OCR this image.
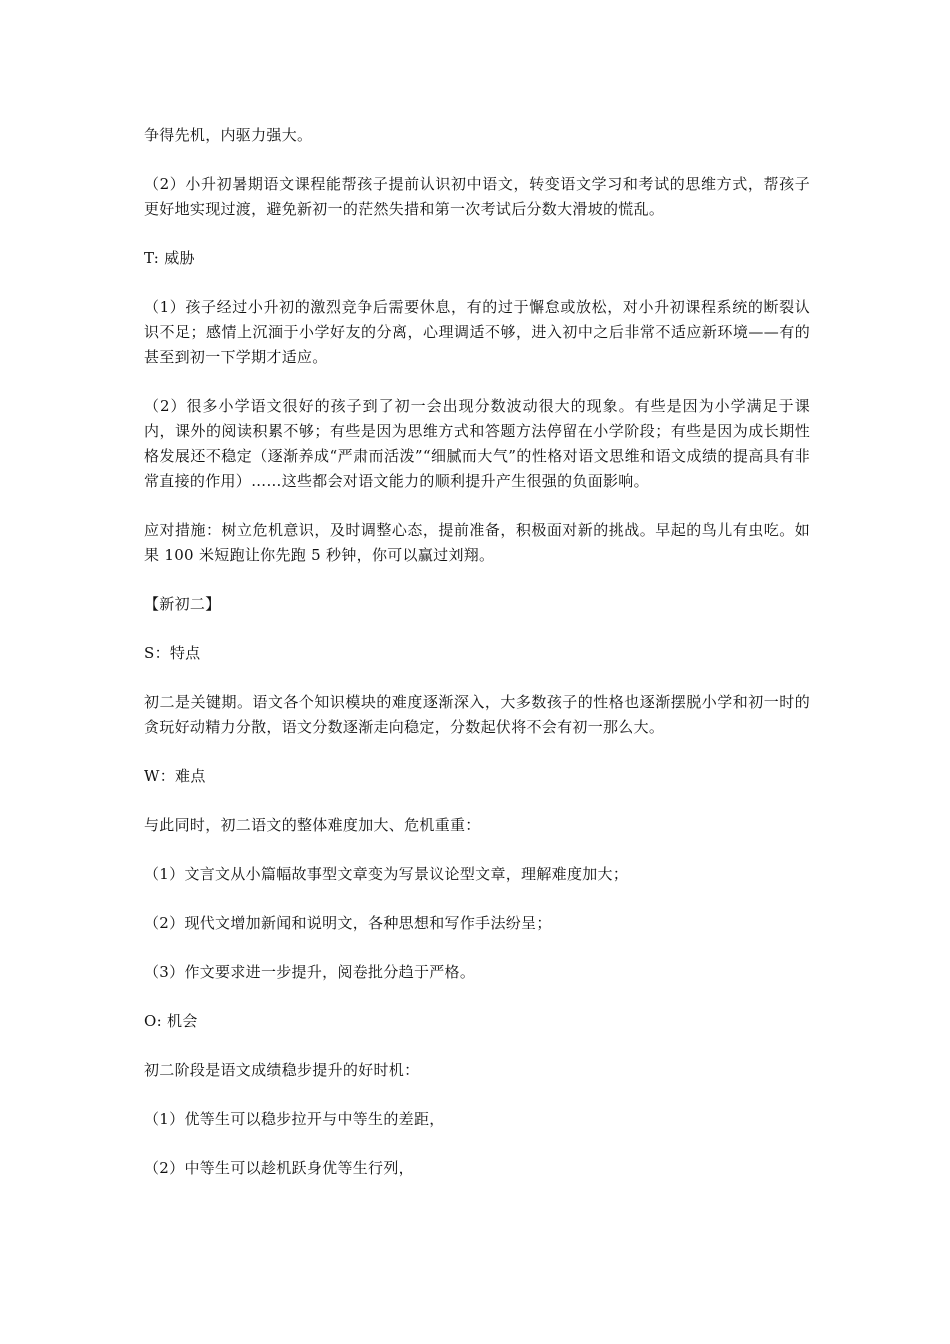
争得先机，内驱力强大。

（2）小升初暑期语文课程能帮孩子提前认识初中语文，转变语文学习和考试的思维方式，帮孩子更好地实现过渡，避免新初一的茫然失措和第一次考试后分数大滑坡的慌乱。

T: 威胁

（1）孩子经过小升初的激烈竞争后需要休息，有的过于懈怠或放松，对小升初课程系统的断裂认识不足；感情上沉湎于小学好友的分离，心理调适不够，进入初中之后非常不适应新环境——有的甚至到初一下学期才适应。

（2）很多小学语文很好的孩子到了初一会出现分数波动很大的现象。有些是因为小学满足于课内，课外的阅读积累不够；有些是因为思维方式和答题方法停留在小学阶段；有些是因为成长期性格发展还不稳定（逐渐养成“严肃而活泼”“细腻而大气”的性格对语文思维和语文成绩的提高具有非常直接的作用）……这些都会对语文能力的顺利提升产生很强的负面影响。

应对措施：树立危机意识，及时调整心态，提前准备，积极面对新的挑战。早起的鸟儿有虫吃。如果 100 米短跑让你先跑 5 秒钟，你可以赢过刘翔。

【新初二】

S：特点

初二是关键期。语文各个知识模块的难度逐渐深入，大多数孩子的性格也逐渐摆脱小学和初一时的贪玩好动精力分散，语文分数逐渐走向稳定，分数起伏将不会有初一那么大。

W：难点

与此同时，初二语文的整体难度加大、危机重重：

（1）文言文从小篇幅故事型文章变为写景议论型文章，理解难度加大；

（2）现代文增加新闻和说明文，各种思想和写作手法纷呈；

（3）作文要求进一步提升，阅卷批分趋于严格。

O: 机会

初二阶段是语文成绩稳步提升的好时机：

（1）优等生可以稳步拉开与中等生的差距，

（2）中等生可以趁机跃身优等生行列，
